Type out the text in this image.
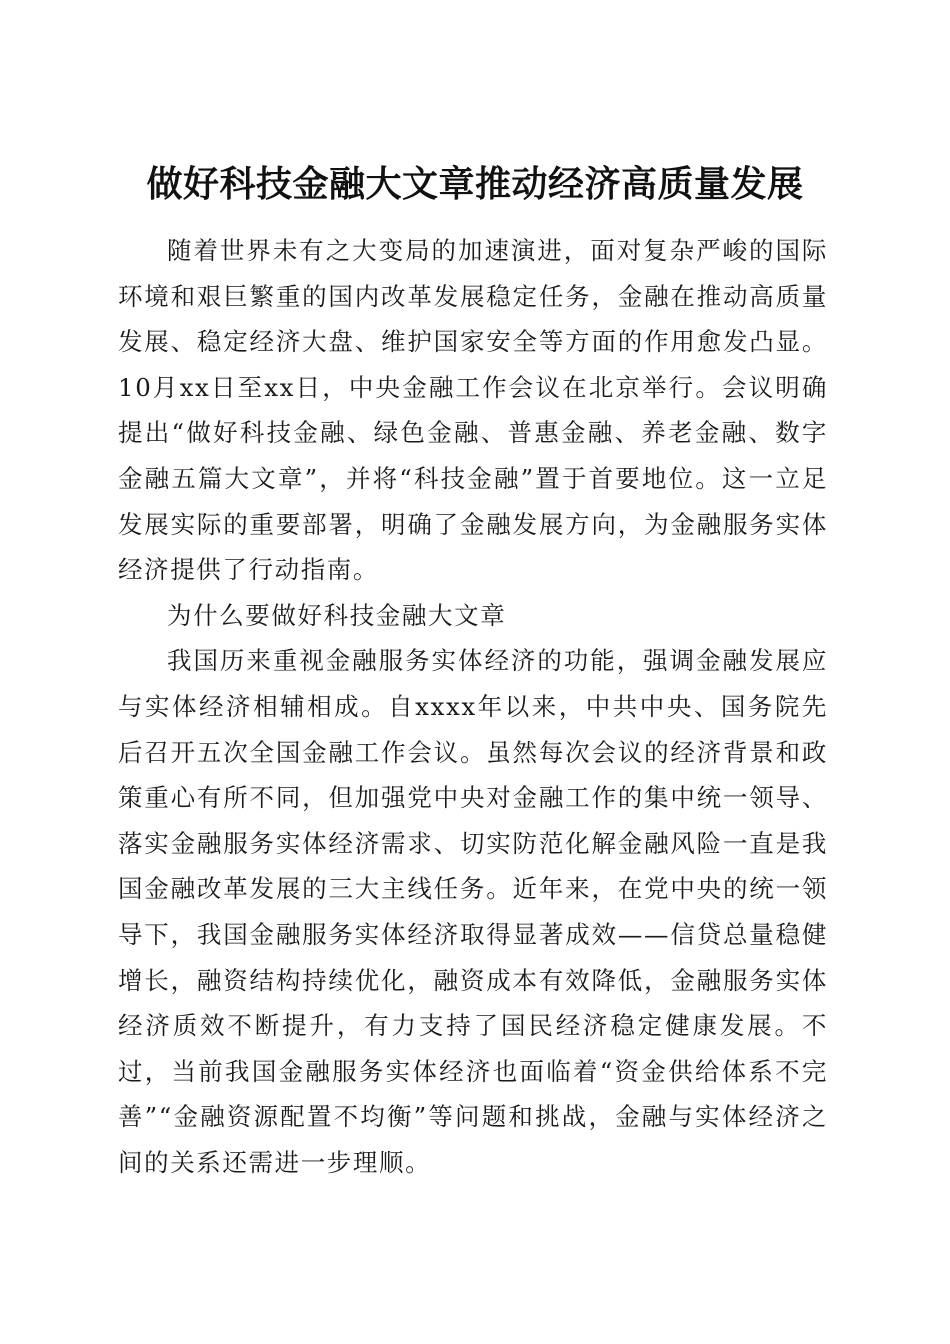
做好科技金融大文章推动经济高质量发展

随着世界未有之大变局的加速演进，面对复杂严峻的国际环境和艰巨繁重的国内改革发展稳定任务，金融在推动高质量发展、稳定经济大盘、维护国家安全等方面的作用愈发凸显。10月xx日至xx日，中央金融工作会议在北京举行。会议明确提出“做好科技金融、绿色金融、普惠金融、养老金融、数字金融五篇大文章”，并将“科技金融”置于首要地位。这一立足发展实际的重要部署，明确了金融发展方向，为金融服务实体经济提供了行动指南。

为什么要做好科技金融大文章

我国历来重视金融服务实体经济的功能，强调金融发展应与实体经济相辅相成。自xxxx年以来，中共中央、国务院先后召开五次全国金融工作会议。虽然每次会议的经济背景和政策重心有所不同，但加强党中央对金融工作的集中统一领导、落实金融服务实体经济需求、切实防范化解金融风险一直是我国金融改革发展的三大主线任务。近年来，在党中央的统一领导下，我国金融服务实体经济取得显著成效——信贷总量稳健增长，融资结构持续优化，融资成本有效降低，金融服务实体经济质效不断提升，有力支持了国民经济稳定健康发展。不过，当前我国金融服务实体经济也面临着“资金供给体系不完善”“金融资源配置不均衡”等问题和挑战，金融与实体经济之间的关系还需进一步理顺。
